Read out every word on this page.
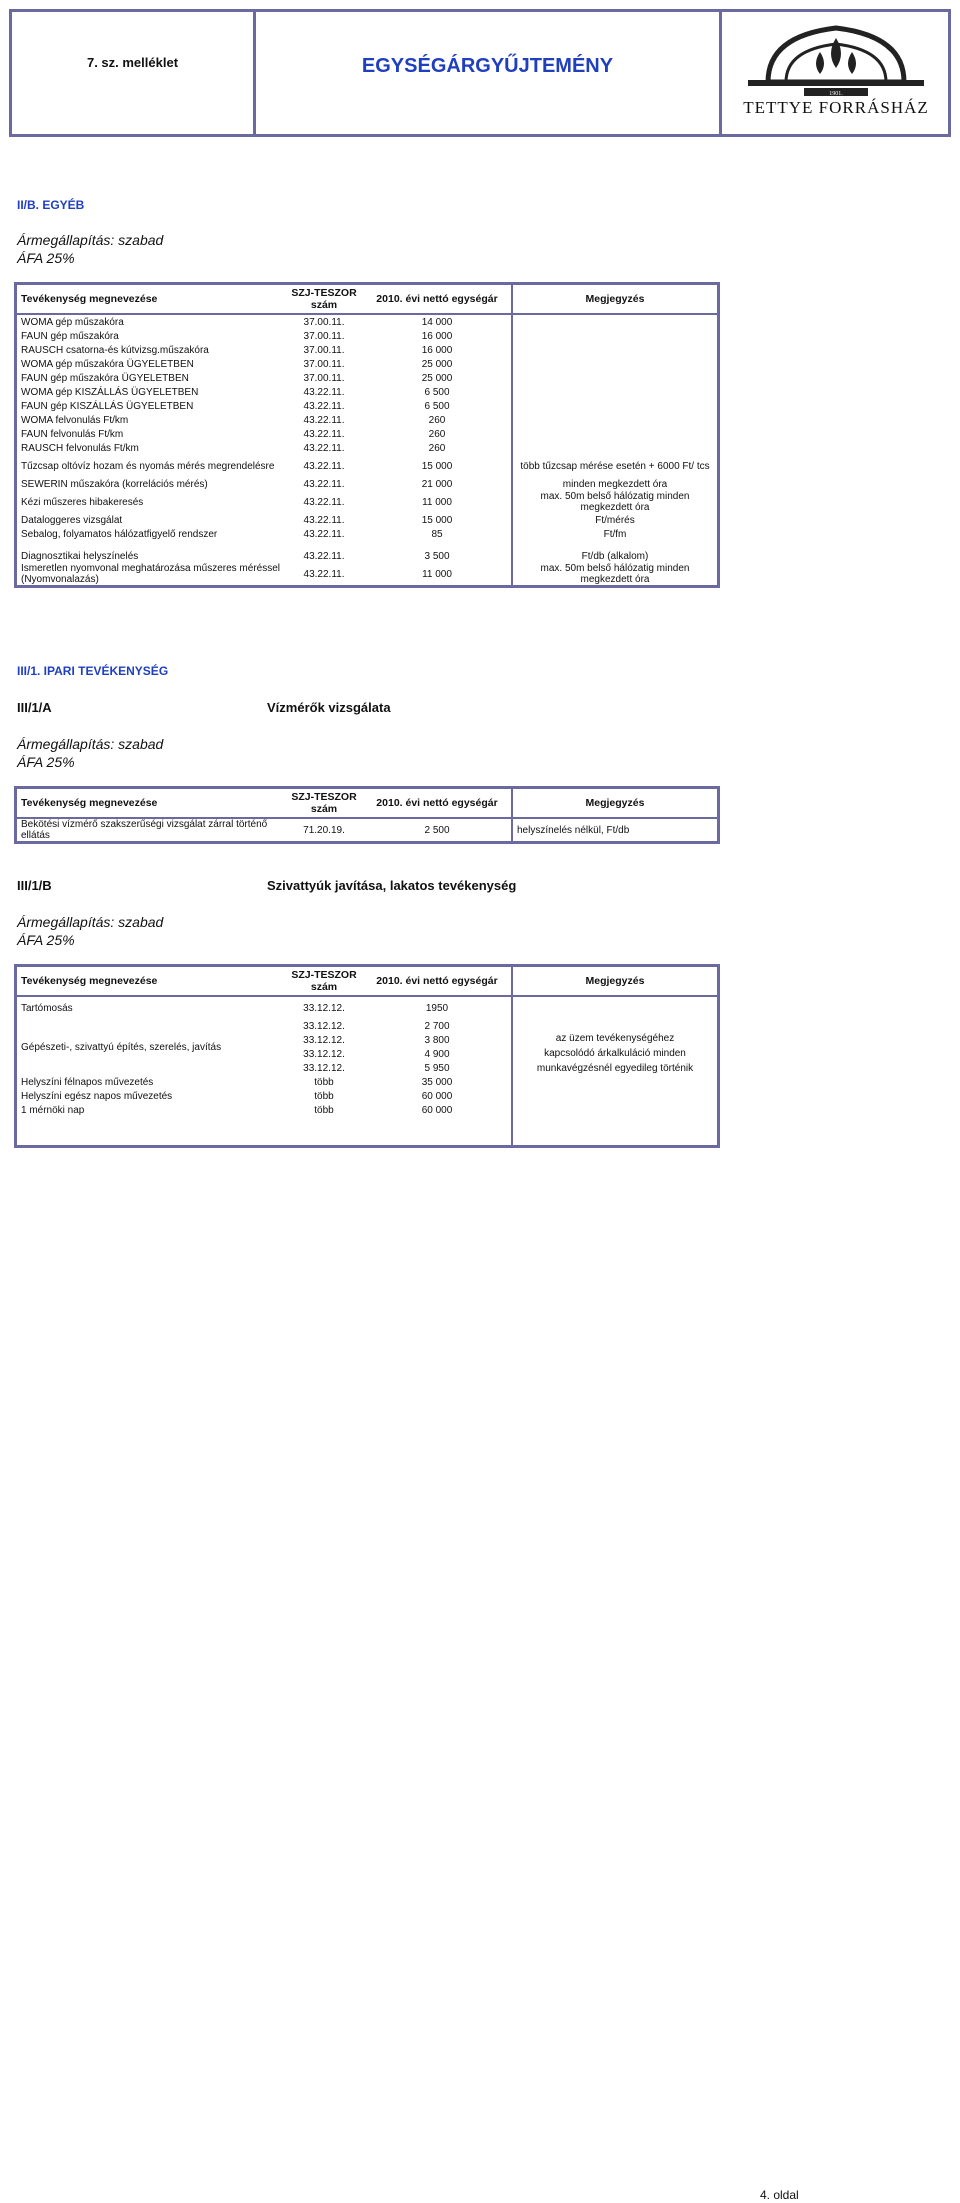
7. sz. melléklet	EGYSÉGÁRGYŰJTEMÉNY
1901.
TETTYE FORRÁSHÁZ
II/B. EGYÉB
Ármegállapítás: szabad
ÁFA 25%
Tevékenység megnevezése	SZJ-TESZOR szám	2010. évi nettó egységár	Megjegyzés
WOMA gép műszakóra	37.00.11.	14 000	
FAUN gép műszakóra	37.00.11.	16 000	
RAUSCH csatorna-és kútvizsg.műszakóra	37.00.11.	16 000	
WOMA gép műszakóra ÜGYELETBEN	37.00.11.	25 000	
FAUN gép műszakóra ÜGYELETBEN	37.00.11.	25 000	
WOMA gép KISZÁLLÁS ÜGYELETBEN	43.22.11.	6 500	
FAUN gép KISZÁLLÁS ÜGYELETBEN	43.22.11.	6 500	
WOMA felvonulás Ft/km	43.22.11.	260	
FAUN felvonulás Ft/km	43.22.11.	260	
RAUSCH felvonulás Ft/km	43.22.11.	260	
Tűzcsap oltóvíz hozam és nyomás mérés megrendelésre	43.22.11.	15 000	több tűzcsap mérése esetén + 6000 Ft/ tcs
SEWERIN műszakóra (korrelációs mérés)	43.22.11.	21 000	minden megkezdett óra
Kézi műszeres hibakeresés	43.22.11.	11 000	max. 50m belső hálózatig minden megkezdett óra
Dataloggeres vizsgálat	43.22.11.	15 000	Ft/mérés
Sebalog, folyamatos hálózatfigyelő rendszer	43.22.11.	85	Ft/fm

Diagnosztikai helyszínelés	43.22.11.	3 500	Ft/db (alkalom)
Ismeretlen nyomvonal meghatározása műszeres méréssel (Nyomvonalazás)	43.22.11.	11 000	max. 50m belső hálózatig minden megkezdett óra
III/1. IPARI TEVÉKENYSÉG
III/1/A	Vízmérők vizsgálata
Ármegállapítás: szabad
ÁFA 25%
Tevékenység megnevezése	SZJ-TESZOR szám	2010. évi nettó egységár	Megjegyzés
Bekötési vízmérő szakszerűségi vizsgálat zárral történő ellátás	71.20.19.	2 500	helyszínelés nélkül, Ft/db
III/1/B	Szivattyúk javítása, lakatos tevékenység
Ármegállapítás: szabad
ÁFA 25%
Tevékenység megnevezése	SZJ-TESZOR szám	2010. évi nettó egységár	Megjegyzés
Tartómosás	33.12.12.	1950	az üzem tevékenységéhez kapcsolódó árkalkuláció minden munkavégzésnél egyedileg történik
Gépészeti-, szivattyú építés, szerelés, javítás	33.12.12.	2 700	
	33.12.12.	3 800	
	33.12.12.	4 900	
	33.12.12.	5 950	
Helyszíni félnapos művezetés	több	35 000	
Helyszíni egész napos művezetés	több	60 000	
1 mérnöki nap	több	60 000	

4. oldal
